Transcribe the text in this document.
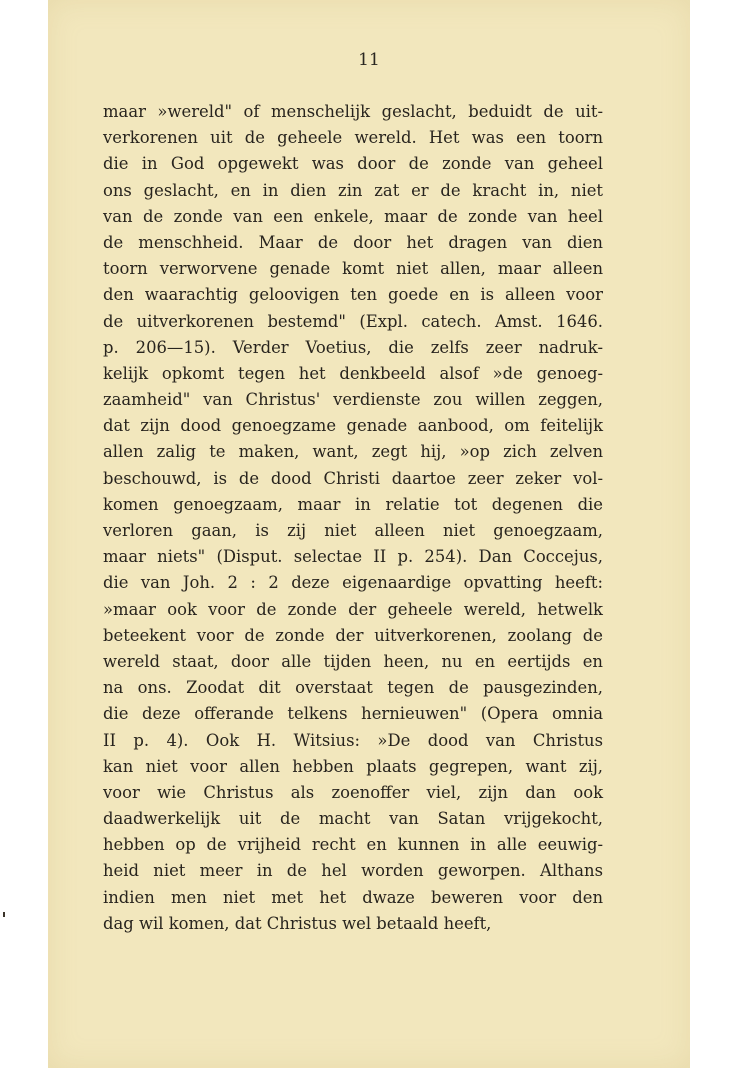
11
maar »wereld" of menschelijk geslacht, beduidt de uit-
verkorenen uit de geheele wereld. Het was een toorn
die in God opgewekt was door de zonde van geheel
ons geslacht, en in dien zin zat er de kracht in, niet
van de zonde van een enkele, maar de zonde van heel
de menschheid. Maar de door het dragen van dien
toorn verworvene genade komt niet allen, maar alleen
den waarachtig geloovigen ten goede en is alleen voor
de uitverkorenen bestemd" (Expl. catech. Amst. 1646.
p. 206—15). Verder Voetius, die zelfs zeer nadruk-
kelijk opkomt tegen het denkbeeld alsof »de genoeg-
zaamheid" van Christus' verdienste zou willen zeggen,
dat zijn dood genoegzame genade aanbood, om feitelijk
allen zalig te maken, want, zegt hij, »op zich zelven
beschouwd, is de dood Christi daartoe zeer zeker vol-
komen genoegzaam, maar in relatie tot degenen die
verloren gaan, is zij niet alleen niet genoegzaam,
maar niets" (Disput. selectae II p. 254). Dan Coccejus,
die van Joh. 2 : 2 deze eigenaardige opvatting heeft:
»maar ook voor de zonde der geheele wereld, hetwelk
beteekent voor de zonde der uitverkorenen, zoolang de
wereld staat, door alle tijden heen, nu en eertijds en
na ons. Zoodat dit overstaat tegen de pausgezinden,
die deze offerande telkens hernieuwen" (Opera omnia
II p. 4). Ook H. Witsius: »De dood van Christus
kan niet voor allen hebben plaats gegrepen, want zij,
voor wie Christus als zoenoffer viel, zijn dan ook
daadwerkelijk uit de macht van Satan vrijgekocht,
hebben op de vrijheid recht en kunnen in alle eeuwig-
heid niet meer in de hel worden geworpen. Althans
indien men niet met het dwaze beweren voor den
dag wil komen, dat Christus wel betaald heeft,
